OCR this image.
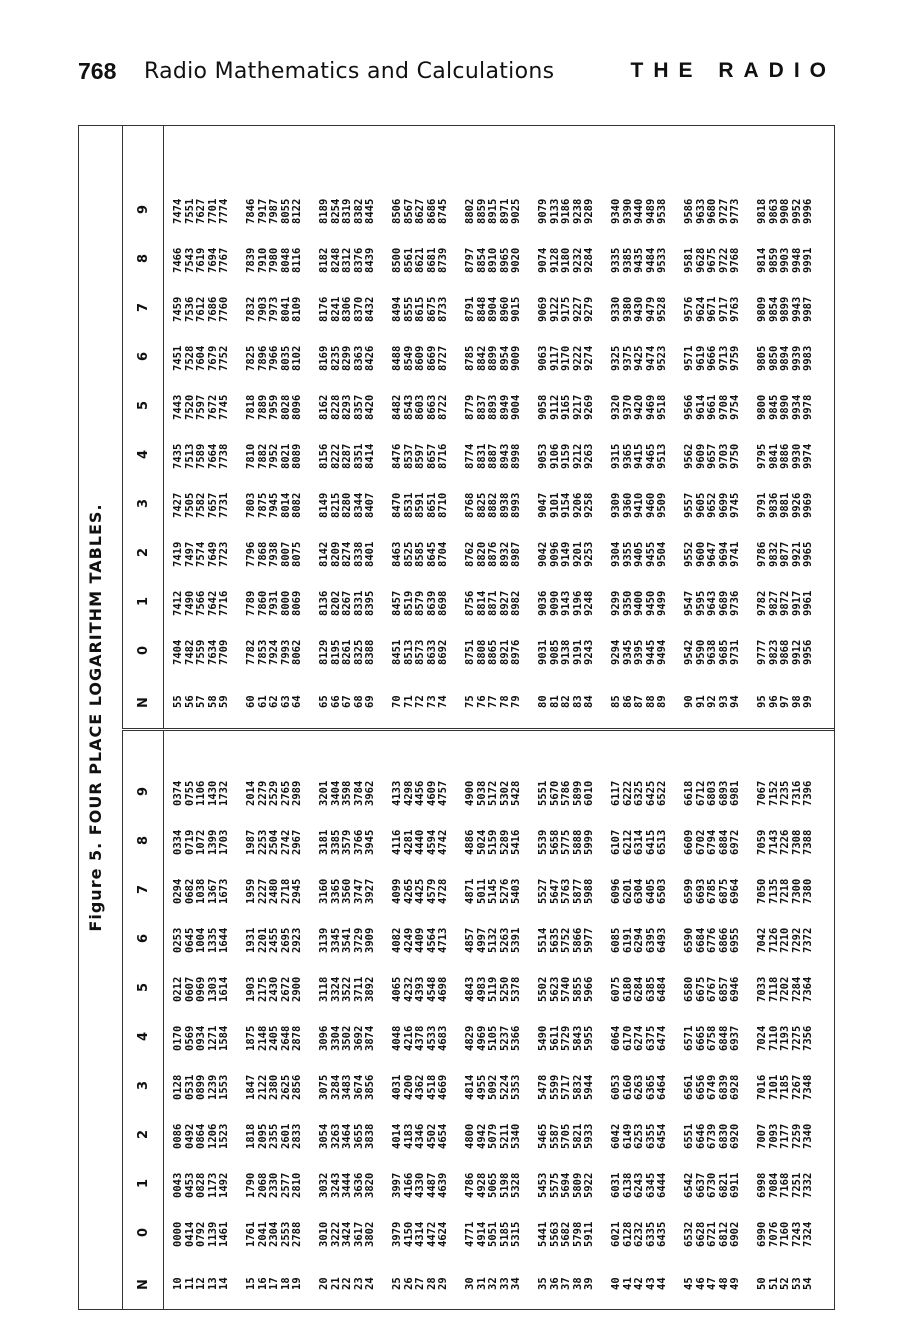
768 Radio Mathematics and Calculations	THE RADIO
Figure 5. FOUR PLACE LOGARITHM TABLES.
N
0
1
2
3
4
5
6
7
8
9
10
0000
0043
0086
0128
0170
0212
0253
0294
0334
0374
11
0414
0453
0492
0531
0569
0607
0645
0682
0719
0755
12
0792
0828
0864
0899
0934
0969
1004
1038
1072
1106
13
1139
1173
1206
1239
1271
1303
1335
1367
1399
1430
14
1461
1492
1523
1553
1584
1614
1644
1673
1703
1732
15
1761
1790
1818
1847
1875
1903
1931
1959
1987
2014
16
2041
2068
2095
2122
2148
2175
2201
2227
2253
2279
17
2304
2330
2355
2380
2405
2430
2455
2480
2504
2529
18
2553
2577
2601
2625
2648
2672
2695
2718
2742
2765
19
2788
2810
2833
2856
2878
2900
2923
2945
2967
2989
20
3010
3032
3054
3075
3096
3118
3139
3160
3181
3201
21
3222
3243
3263
3284
3304
3324
3345
3365
3385
3404
22
3424
3444
3464
3483
3502
3522
3541
3560
3579
3598
23
3617
3636
3655
3674
3692
3711
3729
3747
3766
3784
24
3802
3820
3838
3856
3874
3892
3909
3927
3945
3962
25
3979
3997
4014
4031
4048
4065
4082
4099
4116
4133
26
4150
4166
4183
4200
4216
4232
4249
4265
4281
4298
27
4314
4330
4346
4362
4378
4393
4409
4425
4440
4456
28
4472
4487
4502
4518
4533
4548
4564
4579
4594
4609
29
4624
4639
4654
4669
4683
4698
4713
4728
4742
4757
30
4771
4786
4800
4814
4829
4843
4857
4871
4886
4900
31
4914
4928
4942
4955
4969
4983
4997
5011
5024
5038
32
5051
5065
5079
5092
5105
5119
5132
5145
5159
5172
33
5185
5198
5211
5224
5237
5250
5263
5276
5289
5302
34
5315
5328
5340
5353
5366
5378
5391
5403
5416
5428
35
5441
5453
5465
5478
5490
5502
5514
5527
5539
5551
36
5563
5575
5587
5599
5611
5623
5635
5647
5658
5670
37
5682
5694
5705
5717
5729
5740
5752
5763
5775
5786
38
5798
5809
5821
5832
5843
5855
5866
5877
5888
5899
39
5911
5922
5933
5944
5955
5966
5977
5988
5999
6010
40
6021
6031
6042
6053
6064
6075
6085
6096
6107
6117
41
6128
6138
6149
6160
6170
6180
6191
6201
6212
6222
42
6232
6243
6253
6263
6274
6284
6294
6304
6314
6325
43
6335
6345
6355
6365
6375
6385
6395
6405
6415
6425
44
6435
6444
6454
6464
6474
6484
6493
6503
6513
6522
45
6532
6542
6551
6561
6571
6580
6590
6599
6609
6618
46
6628
6637
6646
6656
6665
6675
6684
6693
6702
6712
47
6721
6730
6739
6749
6758
6767
6776
6785
6794
6803
48
6812
6821
6830
6839
6848
6857
6866
6875
6884
6893
49
6902
6911
6920
6928
6937
6946
6955
6964
6972
6981
50
6990
6998
7007
7016
7024
7033
7042
7050
7059
7067
51
7076
7084
7093
7101
7110
7118
7126
7135
7143
7152
52
7160
7168
7177
7185
7193
7202
7210
7218
7226
7235
53
7243
7251
7259
7267
7275
7284
7292
7300
7308
7316
54
7324
7332
7340
7348
7356
7364
7372
7380
7388
7396
N
0
1
2
3
4
5
6
7
8
9
55
7404
7412
7419
7427
7435
7443
7451
7459
7466
7474
56
7482
7490
7497
7505
7513
7520
7528
7536
7543
7551
57
7559
7566
7574
7582
7589
7597
7604
7612
7619
7627
58
7634
7642
7649
7657
7664
7672
7679
7686
7694
7701
59
7709
7716
7723
7731
7738
7745
7752
7760
7767
7774
60
7782
7789
7796
7803
7810
7818
7825
7832
7839
7846
61
7853
7860
7868
7875
7882
7889
7896
7903
7910
7917
62
7924
7931
7938
7945
7952
7959
7966
7973
7980
7987
63
7993
8000
8007
8014
8021
8028
8035
8041
8048
8055
64
8062
8069
8075
8082
8089
8096
8102
8109
8116
8122
65
8129
8136
8142
8149
8156
8162
8169
8176
8182
8189
66
8195
8202
8209
8215
8222
8228
8235
8241
8248
8254
67
8261
8267
8274
8280
8287
8293
8299
8306
8312
8319
68
8325
8331
8338
8344
8351
8357
8363
8370
8376
8382
69
8388
8395
8401
8407
8414
8420
8426
8432
8439
8445
70
8451
8457
8463
8470
8476
8482
8488
8494
8500
8506
71
8513
8519
8525
8531
8537
8543
8549
8555
8561
8567
72
8573
8579
8585
8591
8597
8603
8609
8615
8621
8627
73
8633
8639
8645
8651
8657
8663
8669
8675
8681
8686
74
8692
8698
8704
8710
8716
8722
8727
8733
8739
8745
75
8751
8756
8762
8768
8774
8779
8785
8791
8797
8802
76
8808
8814
8820
8825
8831
8837
8842
8848
8854
8859
77
8865
8871
8876
8882
8887
8893
8899
8904
8910
8915
78
8921
8927
8932
8938
8943
8949
8954
8960
8965
8971
79
8976
8982
8987
8993
8998
9004
9009
9015
9020
9025
80
9031
9036
9042
9047
9053
9058
9063
9069
9074
9079
81
9085
9090
9096
9101
9106
9112
9117
9122
9128
9133
82
9138
9143
9149
9154
9159
9165
9170
9175
9180
9186
83
9191
9196
9201
9206
9212
9217
9222
9227
9232
9238
84
9243
9248
9253
9258
9263
9269
9274
9279
9284
9289
85
9294
9299
9304
9309
9315
9320
9325
9330
9335
9340
86
9345
9350
9355
9360
9365
9370
9375
9380
9385
9390
87
9395
9400
9405
9410
9415
9420
9425
9430
9435
9440
88
9445
9450
9455
9460
9465
9469
9474
9479
9484
9489
89
9494
9499
9504
9509
9513
9518
9523
9528
9533
9538
90
9542
9547
9552
9557
9562
9566
9571
9576
9581
9586
91
9590
9595
9600
9605
9609
9614
9619
9624
9628
9633
92
9638
9643
9647
9652
9657
9661
9666
9671
9675
9680
93
9685
9689
9694
9699
9703
9708
9713
9717
9722
9727
94
9731
9736
9741
9745
9750
9754
9759
9763
9768
9773
95
9777
9782
9786
9791
9795
9800
9805
9809
9814
9818
96
9823
9827
9832
9836
9841
9845
9850
9854
9859
9863
97
9868
9872
9877
9881
9886
9890
9894
9899
9903
9908
98
9912
9917
9921
9926
9930
9934
9939
9943
9948
9952
99
9956
9961
9965
9969
9974
9978
9983
9987
9991
9996
